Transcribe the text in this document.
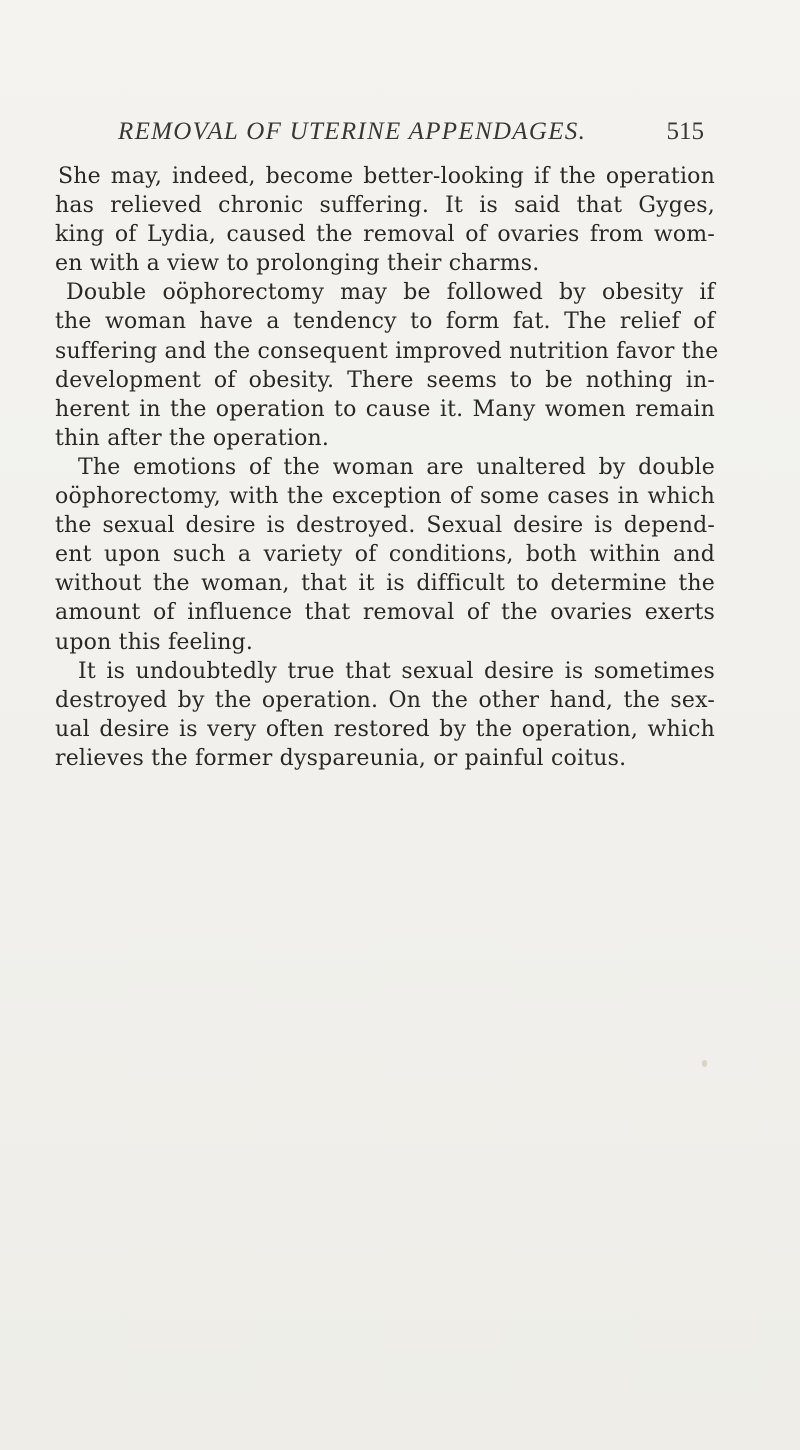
REMOVAL OF UTERINE APPENDAGES.	515
She may, indeed, become better-looking if the operation
has relieved chronic suffering. It is said that Gyges,
king of Lydia, caused the removal of ovaries from wom-
en with a view to prolonging their charms.
Double oöphorectomy may be followed by obesity if
the woman have a tendency to form fat. The relief of
suffering and the consequent improved nutrition favor the
development of obesity. There seems to be nothing in-
herent in the operation to cause it. Many women remain
thin after the operation.
The emotions of the woman are unaltered by double
oöphorectomy, with the exception of some cases in which
the sexual desire is destroyed. Sexual desire is depend-
ent upon such a variety of conditions, both within and
without the woman, that it is difficult to determine the
amount of influence that removal of the ovaries exerts
upon this feeling.
It is undoubtedly true that sexual desire is sometimes
destroyed by the operation. On the other hand, the sex-
ual desire is very often restored by the operation, which
relieves the former dyspareunia, or painful coitus.
